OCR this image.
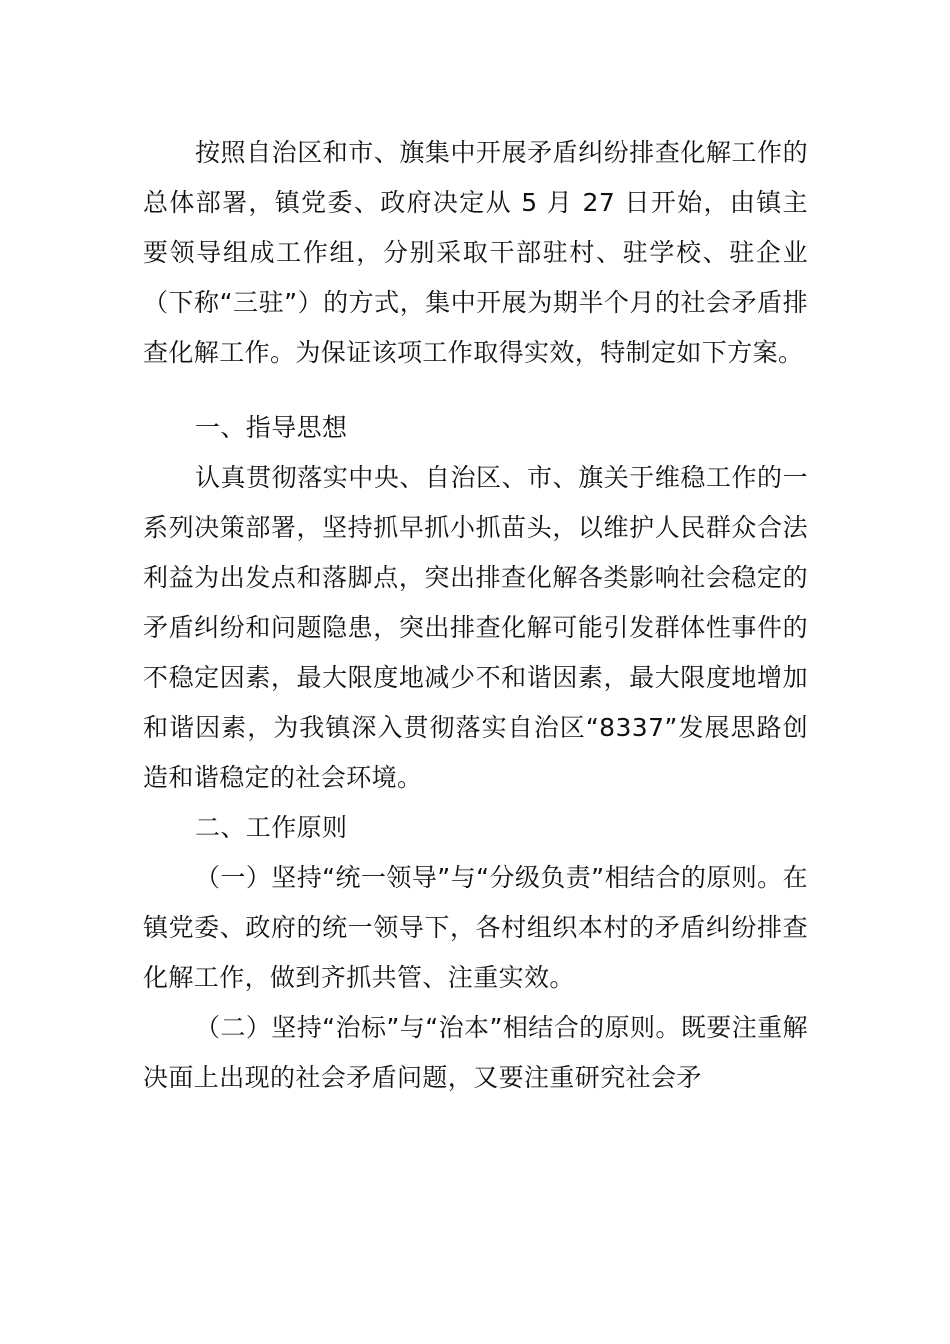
按照自治区和市、旗集中开展矛盾纠纷排查化解工作的总体部署，镇党委、政府决定从 5 月 27 日开始，由镇主要领导组成工作组，分别采取干部驻村、驻学校、驻企业（下称“三驻”）的方式，集中开展为期半个月的社会矛盾排查化解工作。为保证该项工作取得实效，特制定如下方案。

一、指导思想

认真贯彻落实中央、自治区、市、旗关于维稳工作的一系列决策部署，坚持抓早抓小抓苗头，以维护人民群众合法利益为出发点和落脚点，突出排查化解各类影响社会稳定的矛盾纠纷和问题隐患，突出排查化解可能引发群体性事件的不稳定因素，最大限度地减少不和谐因素，最大限度地增加和谐因素，为我镇深入贯彻落实自治区“8337”发展思路创造和谐稳定的社会环境。

二、工作原则

（一）坚持“统一领导”与“分级负责”相结合的原则。在镇党委、政府的统一领导下，各村组织本村的矛盾纠纷排查化解工作，做到齐抓共管、注重实效。

（二）坚持“治标”与“治本”相结合的原则。既要注重解决面上出现的社会矛盾问题，又要注重研究社会矛
